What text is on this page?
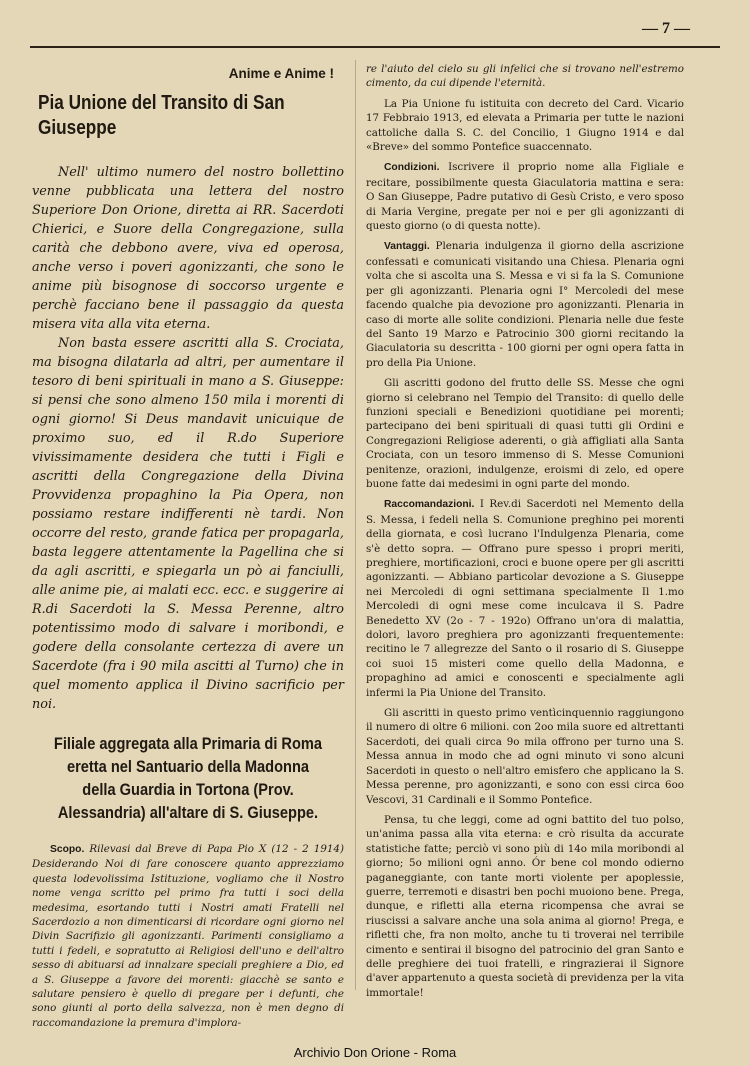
— 7 —
Anime e Anime !
Pia Unione del Transito di San Giuseppe

Nell' ultimo numero del nostro bollettino venne pubblicata una lettera del nostro Superiore Don Orione, diretta ai RR. Sacerdoti Chierici, e Suore della Congregazione, sulla carità che debbono avere, viva ed operosa, anche verso i poveri agonizzanti, che sono le anime più bisognose di soccorso urgente e perchè facciano bene il passaggio da questa misera vita alla vita eterna.

Non basta essere ascritti alla S. Crociata, ma bisogna dilatarla ad altri, per aumentare il tesoro di beni spirituali in mano a S. Giuseppe: si pensi che sono almeno 150 mila i morenti di ogni giorno! Si Deus mandavit unicuique de proximo suo, ed il R.do Superiore vivissimamente desidera che tutti i Figli e ascritti della Congregazione della Divina Provvidenza propaghino la Pia Opera, non possiamo restare indifferenti nè tardi. Non occorre del resto, grande fatica per propagarla, basta leggere attentamente la Pagellina che si da agli ascritti, e spiegarla un pò ai fanciulli, alle anime pie, ai malati ecc. ecc. e suggerire ai R.di Sacerdoti la S. Messa Perenne, altro potentissimo modo di salvare i moribondi, e godere della consolante certezza di avere un Sacerdote (fra i 90 mila ascitti al Turno) che in quel momento applica il Divino sacrificio per noi.

Filiale aggregata alla Primaria di Roma eretta nel Santuario della Madonna della Guardia in Tortona (Prov. Alessandria) all'altare di S. Giuseppe.

Scopo. Rilevasi dal Breve di Papa Pio X (12 - 2 1914) Desiderando Noi di fare conoscere quanto apprezziamo questa lodevolissima Istituzione, vogliamo che il Nostro nome venga scritto pel primo fra tutti i soci della medesima, esortando tutti i Nostri amati Fratelli nel Sacerdozio a non dimenticarsi di ricordare ogni giorno nel Divin Sacrifizio gli agonizzanti. Parimenti consigliamo a tutti i fedeli, e sopratutto ai Religiosi dell'uno e dell'altro sesso di abituarsi ad innalzare speciali preghiere a Dio, ed a S. Giuseppe a favore dei morenti: giacchè se santo e salutare pensiero è quello di pregare per i defunti, che sono giunti al porto della salvezza, non è men degno di raccomandazione la premura d'implora-

re l'aiuto del cielo su gli infelici che si trovano nell'estremo cimento, da cui dipende l'eternità.

La Pia Unione fu istituita con decreto del Card. Vicario 17 Febbraio 1913, ed elevata a Primaria per tutte le nazioni cattoliche dalla S. C. del Concilio, 1 Giugno 1914 e dal «Breve» del sommo Pontefice suaccennato.

Condizioni. Iscrivere il proprio nome alla Figliale e recitare, possibilmente questa Giaculatoria mattina e sera: O San Giuseppe, Padre putativo di Gesù Cristo, e vero sposo di Maria Vergine, pregate per noi e per gli agonizzanti di questo giorno (o di questa notte).

Vantaggi. Plenaria indulgenza il giorno della ascrizione confessati e comunicati visitando una Chiesa. Plenaria ogni volta che si ascolta una S. Messa e vi si fa la S. Comunione per gli agonizzanti. Plenaria ogni I° Mercoledi del mese facendo qualche pia devozione pro agonizzanti. Plenaria in caso di morte alle solite condizioni. Plenaria nelle due feste del Santo 19 Marzo e Patrocinio 300 giorni recitando la Giaculatoria su descritta - 100 giorni per ogni opera fatta in pro della Pia Unione.

Gli ascritti godono del frutto delle SS. Messe che ogni giorno si celebrano nel Tempio del Transito: di quello delle funzioni speciali e Benedizioni quotidiane pei morenti; partecipano dei beni spirituali di quasi tutti gli Ordini e Congregazioni Religiose aderenti, o già affigliati alla Santa Crociata, con un tesoro immenso di S. Messe Comunioni penitenze, orazioni, indulgenze, eroismi di zelo, ed opere buone fatte dai medesimi in ogni parte del mondo.

Raccomandazioni. I Rev.di Sacerdoti nel Memento della S. Messa, i fedeli nella S. Comunione preghino pei morenti della giornata, e così lucrano l'Indulgenza Plenaria, come s'è detto sopra. — Offrano pure spesso i propri meriti, preghiere, mortificazioni, croci e buone opere per gli ascritti agonizzanti. — Abbiano particolar devozione a S. Giuseppe nei Mercoledi di ogni settimana specialmente Il 1.mo Mercoledi di ogni mese come inculcava il S. Padre Benedetto XV (2o - 7 - 192o) Offrano un'ora di malattia, dolori, lavoro preghiera pro agonizzanti frequentemente: recitino le 7 allegrezze del Santo o il rosario di S. Giuseppe coi suoi 15 misteri come quello della Madonna, e propaghino ad amici e conoscenti e specialmente agli infermi la Pia Unione del Transito.

Gli ascritti in questo primo ventìcinquennio raggiungono il numero di oltre 6 milioni. con 2oo mila suore ed altrettanti Sacerdoti, dei quali circa 9o mila offrono per turno una S. Messa annua in modo che ad ogni minuto vi sono alcuni Sacerdoti in questo o nell'altro emisfero che applicano la S. Messa perenne, pro agonizzanti, e sono con essi circa 6oo Vescovi, 31 Cardinali e il Sommo Pontefice.

Pensa, tu che leggi, come ad ogni battito del tuo polso, un'anima passa alla vita eterna: e crò risulta da accurate statistiche fatte; perciò vi sono più di 14o mila moribondi al giorno; 5o milioni ogni anno. Ór bene col mondo odierno paganeggiante, con tante morti violente per apoplessie, guerre, terremoti e disastri ben pochi muoiono bene. Prega, dunque, e rifletti alla eterna ricompensa che avrai se riuscissi a salvare anche una sola anima al giorno! Prega, e rifletti che, fra non molto, anche tu ti troverai nel terribile cimento e sentirai il bisogno del patrocinio del gran Santo e delle preghiere dei tuoi fratelli, e ringrazierai il Signore d'aver appartenuto a questa società di previdenza per la vita immortale!

Archivio Don Orione - Roma
